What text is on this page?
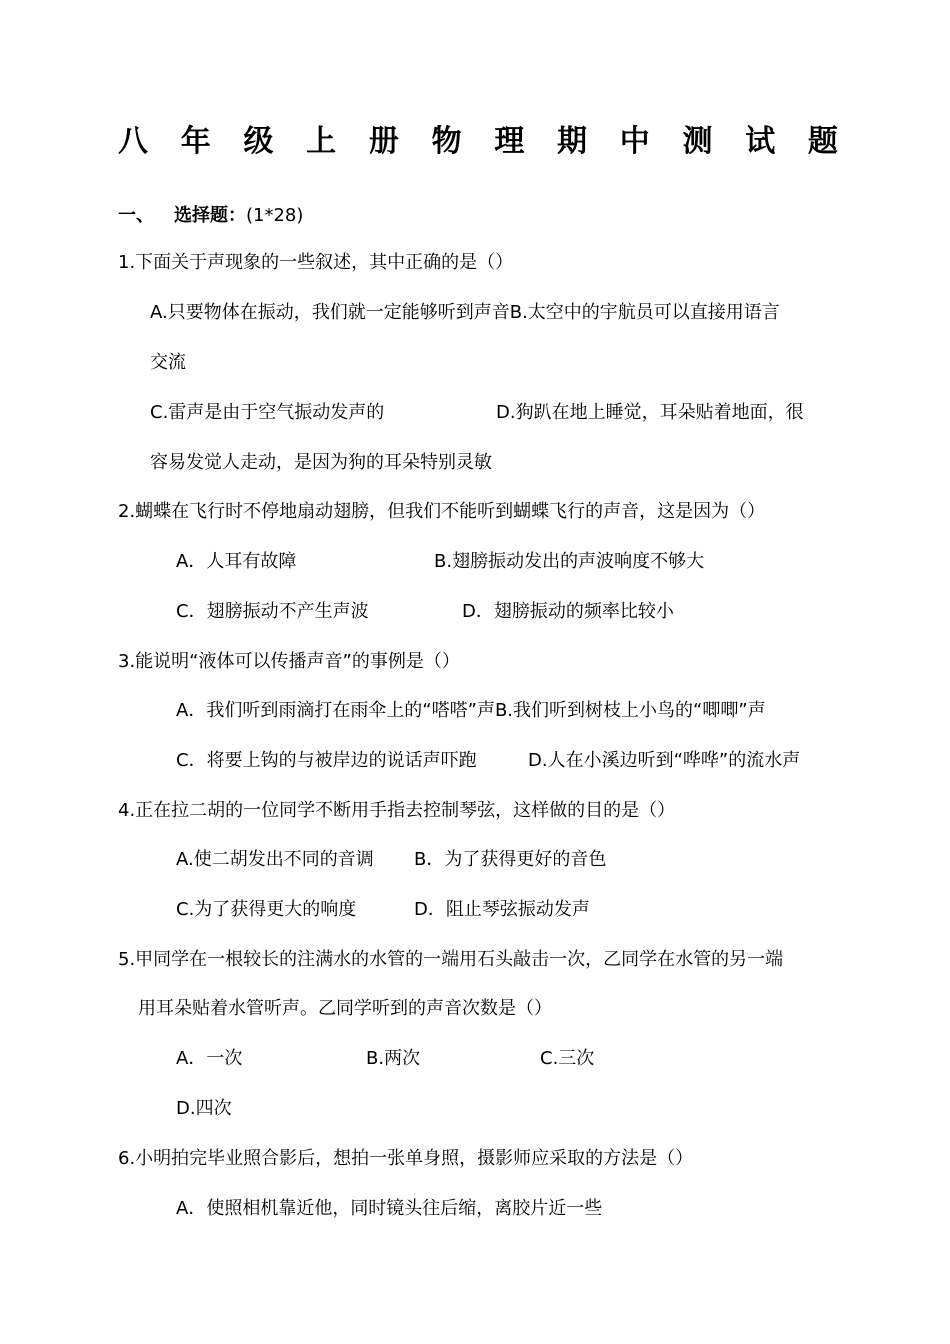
八 年 级 上 册 物 理 期 中 测 试 题
一、 选择题：(1*28)
1.下面关于声现象的一些叙述，其中正确的是（）
A.只要物体在振动，我们就一定能够听到声音B.太空中的宇航员可以直接用语言
交流
C.雷声是由于空气振动发声的	D.狗趴在地上睡觉，耳朵贴着地面，很
容易发觉人走动，是因为狗的耳朵特别灵敏
2.蝴蝶在飞行时不停地扇动翅膀，但我们不能听到蝴蝶飞行的声音，这是因为（）
A．人耳有故障	B.翅膀振动发出的声波响度不够大
C．翅膀振动不产生声波	D．翅膀振动的频率比较小
3.能说明“液体可以传播声音”的事例是（）
A．我们听到雨滴打在雨伞上的“嗒嗒”声B.我们听到树枝上小鸟的“唧唧”声
C．将要上钩的与被岸边的说话声吓跑	D.人在小溪边听到“哗哗”的流水声
4.正在拉二胡的一位同学不断用手指去控制琴弦，这样做的目的是（）
A.使二胡发出不同的音调 B．为了获得更好的音色
C.为了获得更大的响度	D．阻止琴弦振动发声
5.甲同学在一根较长的注满水的水管的一端用石头敲击一次，乙同学在水管的另一端
用耳朵贴着水管听声。乙同学听到的声音次数是（）
A．一次	B.两次	C.三次
D.四次
6.小明拍完毕业照合影后，想拍一张单身照，摄影师应采取的方法是（）
A．使照相机靠近他，同时镜头往后缩，离胶片近一些
